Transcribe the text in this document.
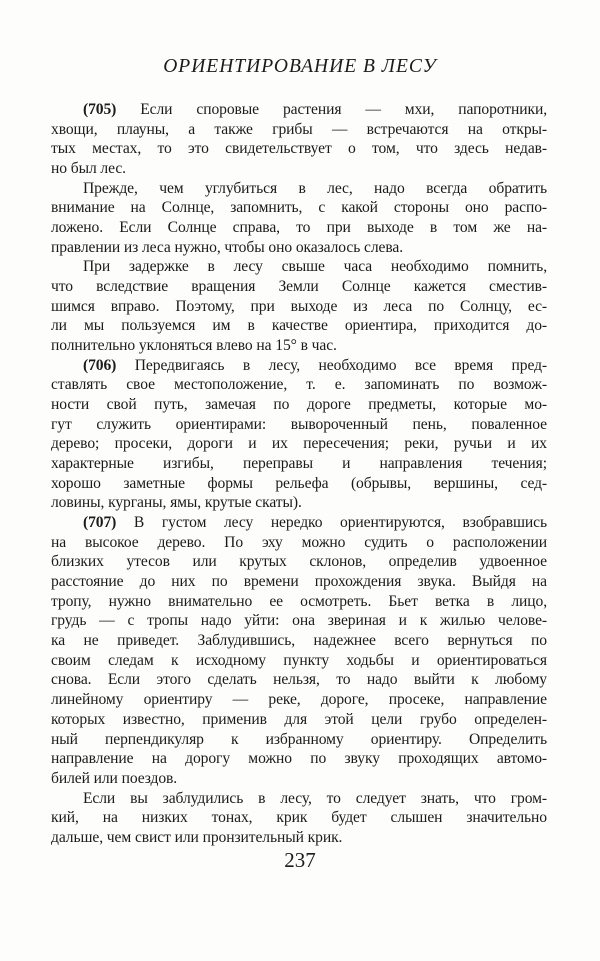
ОРИЕНТИРОВАНИЕ В ЛЕСУ
(705) Если споровые растения — мхи, папоротники,
хвощи, плауны, а также грибы –– встречаются на откры-
тых местах, то это свидетельствует о том, что здесь недав-
но был лес.
Прежде, чем углубиться в лес, надо всегда обратить
внимание на Солнце, запомнить, с какой стороны оно распо-
ложено. Если Солнце справа, то при выходе в том же на-
правлении из леса нужно, чтобы оно оказалось слева.
При задержке в лесу свыше часа необходимо помнить,
что вследствие вращения Земли Солнце кажется сместив-
шимся вправо. Поэтому, при выходе из леса по Солнцу, ес-
ли мы пользуемся им в качестве ориентира, приходится до-
полнительно уклоняться влево на 15° в час.
(706) Передвигаясь в лесу, необходимо все время пред-
ставлять свое местоположение, т. е. запоминать по возмож-
ности свой путь, замечая по дороге предметы, которые мо-
гут служить ориентирами: вывороченный пень, поваленное
дерево; просеки, дороги и их пересечения; реки, ручьи и их
характерные изгибы, переправы и направления течения;
хорошо заметные формы рельефа (обрывы, вершины, сед-
ловины, курганы, ямы, крутые скаты).
(707) В густом лесу нередко ориентируются, взобравшись
на высокое дерево. По эху можно судить о расположении
близких утесов или крутых склонов, определив удвоенное
расстояние до них по времени прохождения звука. Выйдя на
тропу, нужно внимательно ее осмотреть. Бьет ветка в лицо,
грудь — с тропы надо уйти: она звериная и к жилью челове-
ка не приведет. Заблудившись, надежнее всего вернуться по
своим следам к исходному пункту ходьбы и ориентироваться
снова. Если этого сделать нельзя, то надо выйти к любому
линейному ориентиру — реке, дороге, просеке, направление
которых известно, применив для этой цели грубо определен-
ный перпендикуляр к избранному ориентиру. Определить
направление на дорогу можно по звуку проходящих автомо-
билей или поездов.
Если вы заблудились в лесу, то следует знать, что гром-
кий, на низких тонах, крик будет слышен значительно
дальше, чем свист или пронзительный крик.
237
